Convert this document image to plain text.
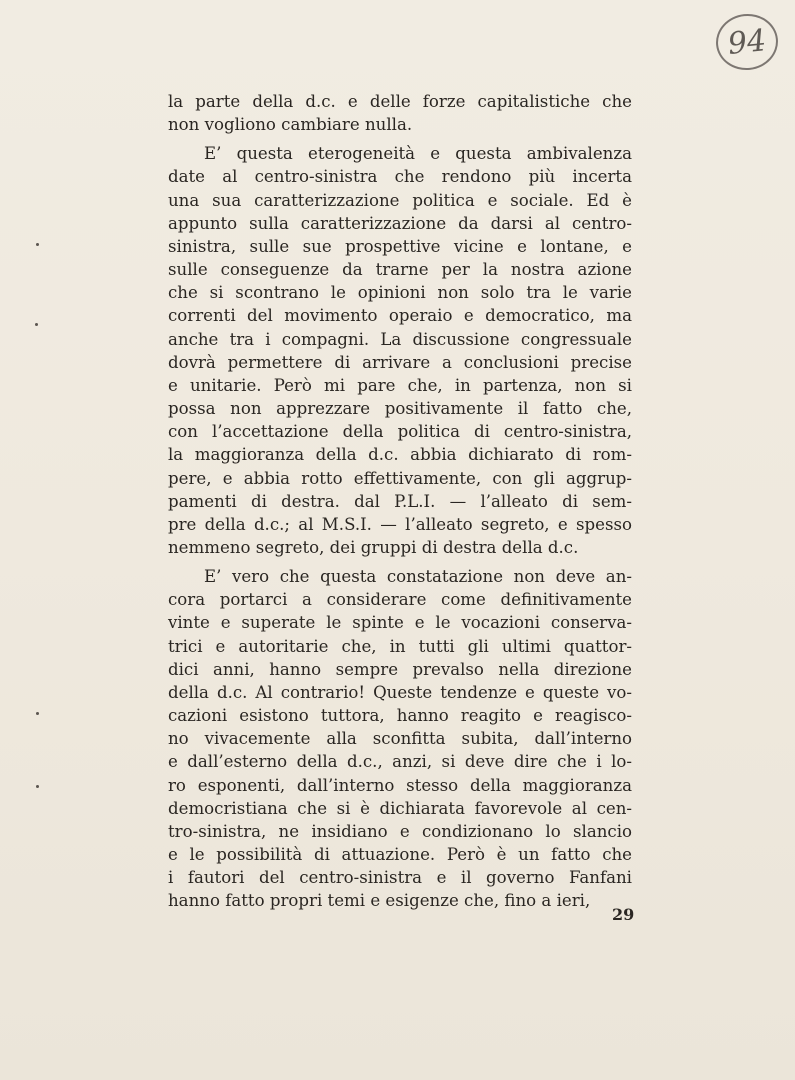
94
la parte della d.c. e delle forze capitalistiche che
non vogliono cambiare nulla.
E’ questa eterogeneità e questa ambivalenza
date al centro-sinistra che rendono più incerta
una sua caratterizzazione politica e sociale. Ed è
appunto sulla caratterizzazione da darsi al centro-
sinistra, sulle sue prospettive vicine e lontane, e
sulle conseguenze da trarne per la nostra azione
che si scontrano le opinioni non solo tra le varie
correnti del movimento operaio e democratico, ma
anche tra i compagni. La discussione congressuale
dovrà permettere di arrivare a conclusioni precise
e unitarie. Però mi pare che, in partenza, non si
possa non apprezzare positivamente il fatto che,
con l’accettazione della politica di centro-sinistra,
la maggioranza della d.c. abbia dichiarato di rom-
pere, e abbia rotto effettivamente, con gli aggrup-
pamenti di destra. dal P.L.I. — l’alleato di sem-
pre della d.c.; al M.S.I. — l’alleato segreto, e spesso
nemmeno segreto, dei gruppi di destra della d.c.
E’ vero che questa constatazione non deve an-
cora portarci a considerare come definitivamente
vinte e superate le spinte e le vocazioni conserva-
trici e autoritarie che, in tutti gli ultimi quattor-
dici anni, hanno sempre prevalso nella direzione
della d.c. Al contrario! Queste tendenze e queste vo-
cazioni esistono tuttora, hanno reagito e reagisco-
no vivacemente alla sconfitta subita, dall’interno
e dall’esterno della d.c., anzi, si deve dire che i lo-
ro esponenti, dall’interno stesso della maggioranza
democristiana che si è dichiarata favorevole al cen-
tro-sinistra, ne insidiano e condizionano lo slancio
e le possibilità di attuazione. Però è un fatto che
i fautori del centro-sinistra e il governo Fanfani
hanno fatto propri temi e esigenze che, fino a ieri,
29
